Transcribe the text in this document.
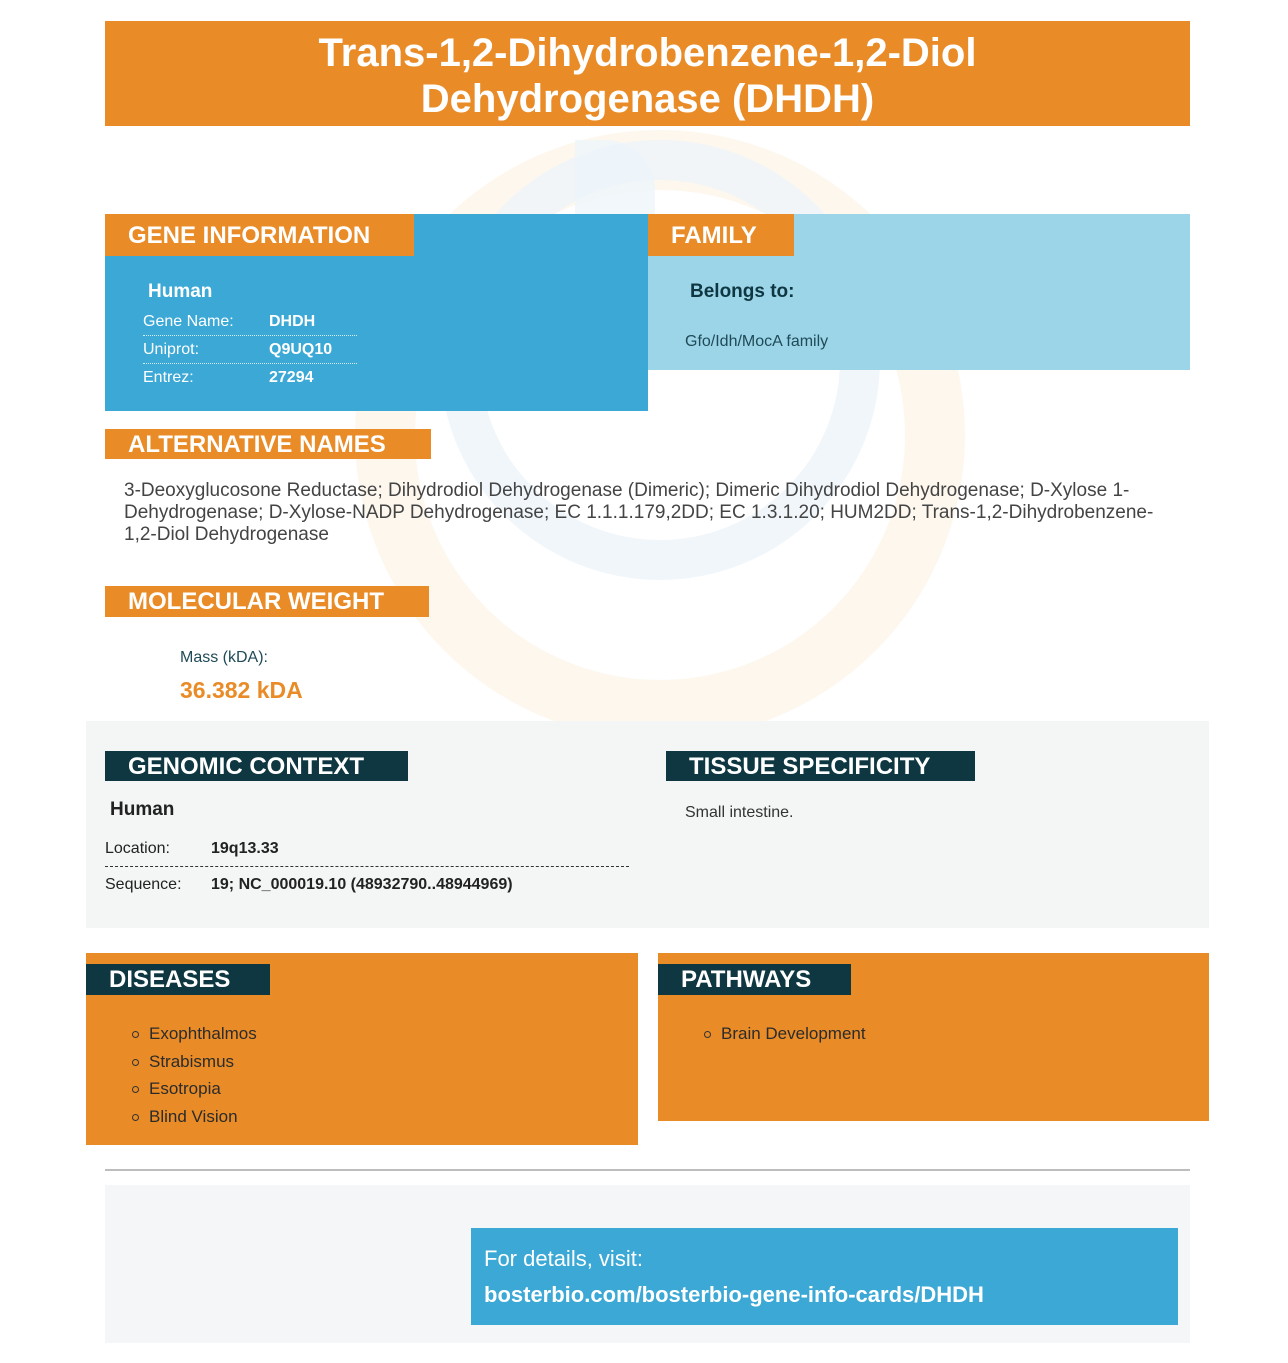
Trans-1,2-Dihydrobenzene-1,2-Diol
Dehydrogenase (DHDH)
GENE INFORMATION
Human
Gene Name:	DHDH
Uniprot:	Q9UQ10
Entrez:	27294
FAMILY
Belongs to:
Gfo/Idh/MocA family
ALTERNATIVE NAMES
3-Deoxyglucosone Reductase; Dihydrodiol Dehydrogenase (Dimeric); Dimeric Dihydrodiol Dehydrogenase; D-Xylose 1-Dehydrogenase; D-Xylose-NADP Dehydrogenase; EC 1.1.1.179,2DD; EC 1.3.1.20; HUM2DD; Trans-1,2-Dihydrobenzene-1,2-Diol Dehydrogenase
MOLECULAR WEIGHT
Mass (kDA):
36.382 kDA
GENOMIC CONTEXT
Human
Location:	19q13.33
Sequence:	19; NC_000019.10 (48932790..48944969)
TISSUE SPECIFICITY
Small intestine.
DISEASES
Exophthalmos
Strabismus
Esotropia
Blind Vision
PATHWAYS
Brain Development
For details, visit:
bosterbio.com/bosterbio-gene-info-cards/DHDH
